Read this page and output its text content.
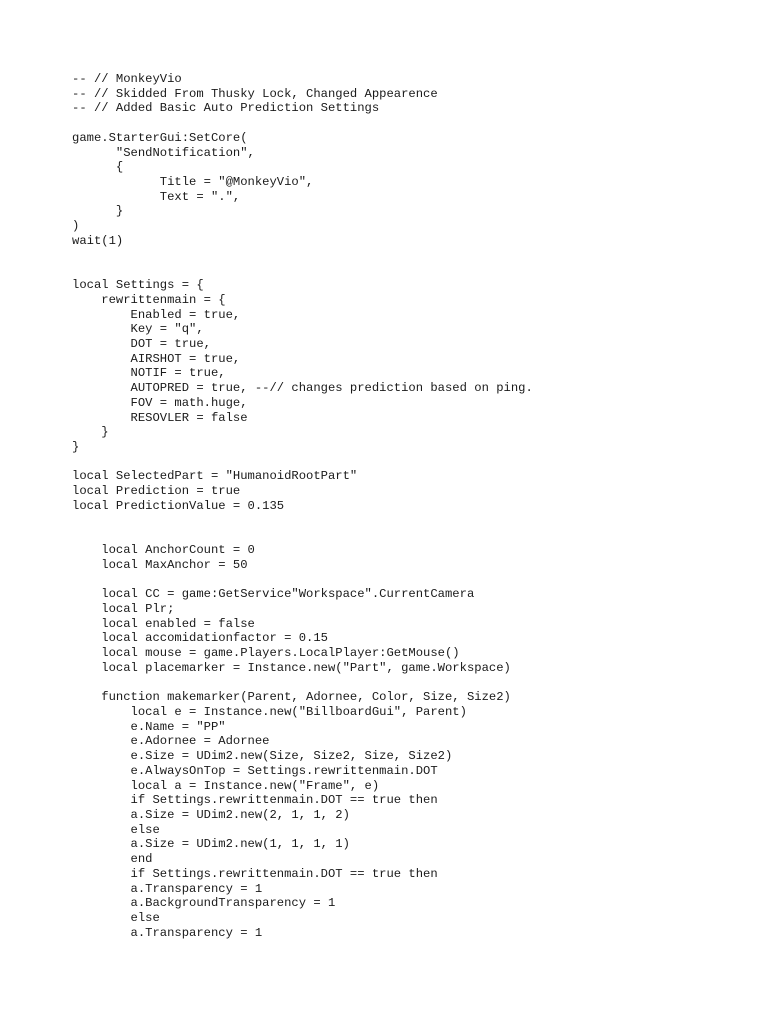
-- // MonkeyVio
-- // Skidded From Thusky Lock, Changed Appearence
-- // Added Basic Auto Prediction Settings
game.StarterGui:SetCore(
"SendNotification",
{
Title = "@MonkeyVio",
Text = ".",
}
)
wait(1)
local Settings = {
rewrittenmain = {
Enabled = true,
Key = "q",
DOT = true,
AIRSHOT = true,
NOTIF = true,
AUTOPRED = true, --// changes prediction based on ping.
FOV = math.huge,
RESOVLER = false
}
}
local SelectedPart = "HumanoidRootPart"
local Prediction = true
local PredictionValue = 0.135
local AnchorCount = 0
local MaxAnchor = 50
local CC = game:GetService"Workspace".CurrentCamera
local Plr;
local enabled = false
local accomidationfactor = 0.15
local mouse = game.Players.LocalPlayer:GetMouse()
local placemarker = Instance.new("Part", game.Workspace)
function makemarker(Parent, Adornee, Color, Size, Size2)
local e = Instance.new("BillboardGui", Parent)
e.Name = "PP"
e.Adornee = Adornee
e.Size = UDim2.new(Size, Size2, Size, Size2)
e.AlwaysOnTop = Settings.rewrittenmain.DOT
local a = Instance.new("Frame", e)
if Settings.rewrittenmain.DOT == true then
a.Size = UDim2.new(2, 1, 1, 2)
else
a.Size = UDim2.new(1, 1, 1, 1)
end
if Settings.rewrittenmain.DOT == true then
a.Transparency = 1
a.BackgroundTransparency = 1
else
a.Transparency = 1
